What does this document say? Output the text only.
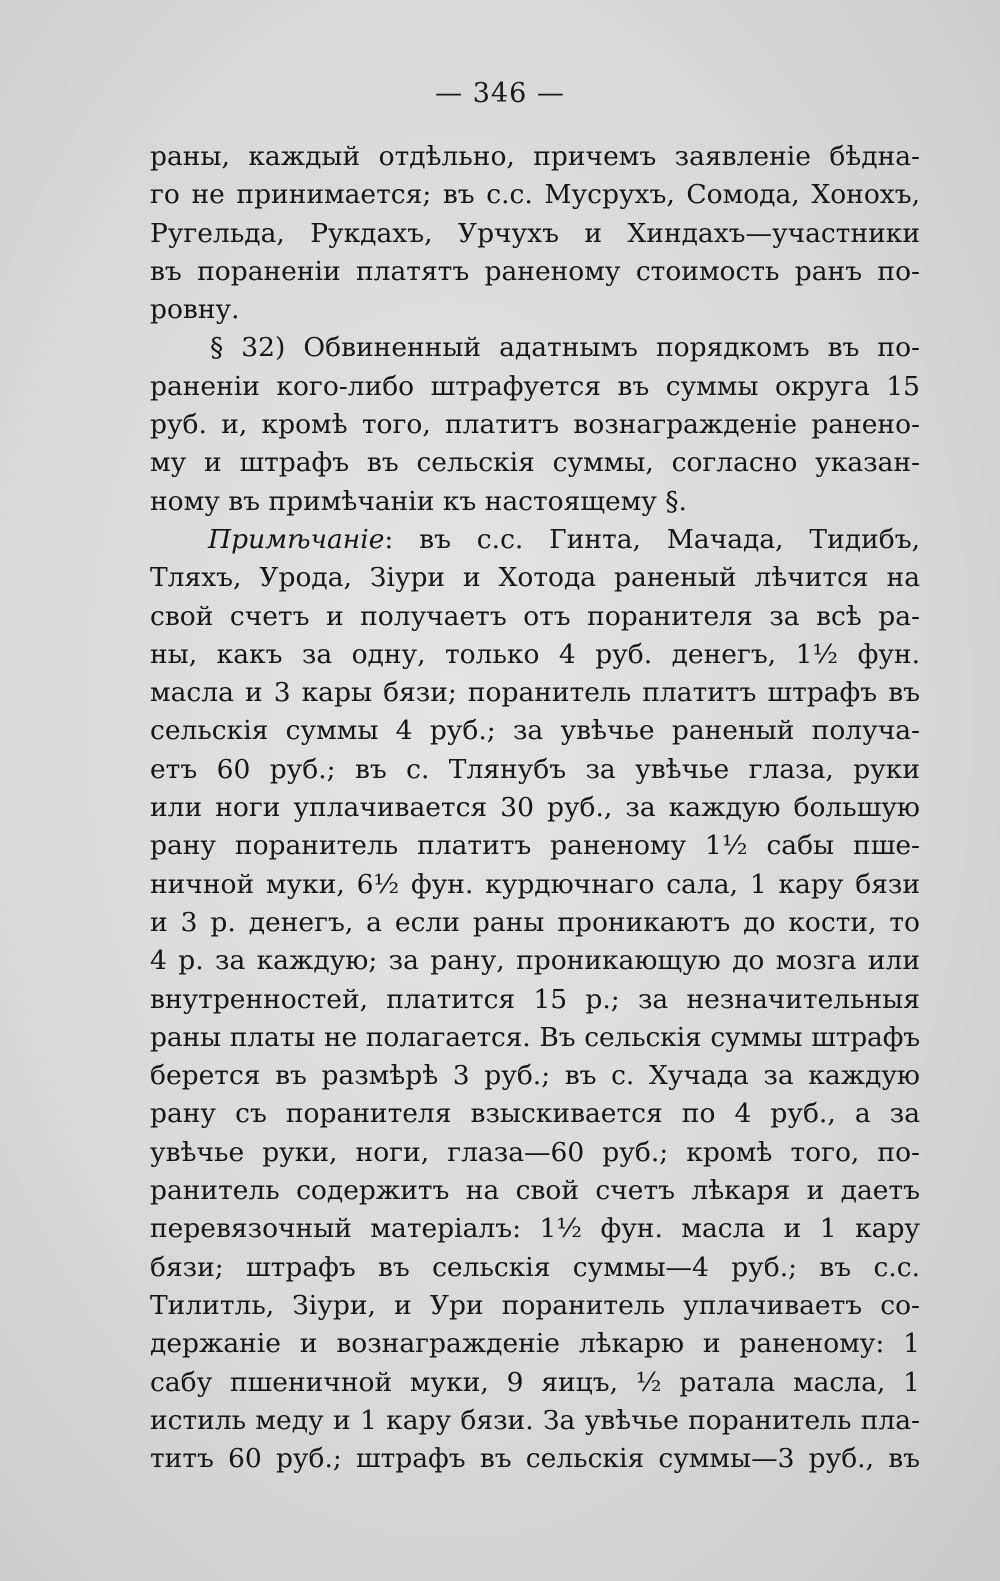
— 346 —
раны, каждый отдѣльно, причемъ заявленіе бѣдна-
го не принимается; въ с.с. Мусрухъ, Сомода, Хонохъ,
Ругельда, Рукдахъ, Урчухъ и Хиндахъ—участники
въ пораненіи платятъ раненому стоимость ранъ по-
ровну.
§ 32) Обвиненный адатнымъ порядкомъ въ по-
раненіи кого-либо штрафуется въ суммы округа 15
руб. и, кромѣ того, платитъ вознагражденіе ранено-
му и штрафъ въ сельскія суммы, согласно указан-
ному въ примѣчаніи къ настоящему §.
Примѣчаніе: въ с.с. Гинта, Мачада, Тидибъ,
Тляхъ, Урода, Зіури и Хотода раненый лѣчится на
свой счетъ и получаетъ отъ поранителя за всѣ ра-
ны, какъ за одну, только 4 руб. денегъ, 1½ фун.
масла и 3 кары бязи; поранитель платитъ штрафъ въ
сельскія суммы 4 руб.; за увѣчье раненый получа-
етъ 60 руб.; въ с. Тлянубъ за увѣчье глаза, руки
или ноги уплачивается 30 руб., за каждую большую
рану поранитель платитъ раненому 1½ сабы пше-
ничной муки, 6½ фун. курдючнаго сала, 1 кару бязи
и 3 р. денегъ, а если раны проникаютъ до кости, то
4 р. за каждую; за рану, проникающую до мозга или
внутренностей, платится 15 р.; за незначительныя
раны платы не полагается. Въ сельскія суммы штрафъ
берется въ размѣрѣ 3 руб.; въ с. Хучада за каждую
рану съ поранителя взыскивается по 4 руб., а за
увѣчье руки, ноги, глаза—60 руб.; кромѣ того, по-
ранитель содержитъ на свой счетъ лѣкаря и даетъ
перевязочный матеріалъ: 1½ фун. масла и 1 кару
бязи; штрафъ въ сельскія суммы—4 руб.; въ с.с.
Тилитль, Зіури, и Ури поранитель уплачиваетъ со-
держаніе и вознагражденіе лѣкарю и раненому: 1
сабу пшеничной муки, 9 яицъ, ½ ратала масла, 1
истиль меду и 1 кару бязи. За увѣчье поранитель пла-
титъ 60 руб.; штрафъ въ сельскія суммы—3 руб., въ
